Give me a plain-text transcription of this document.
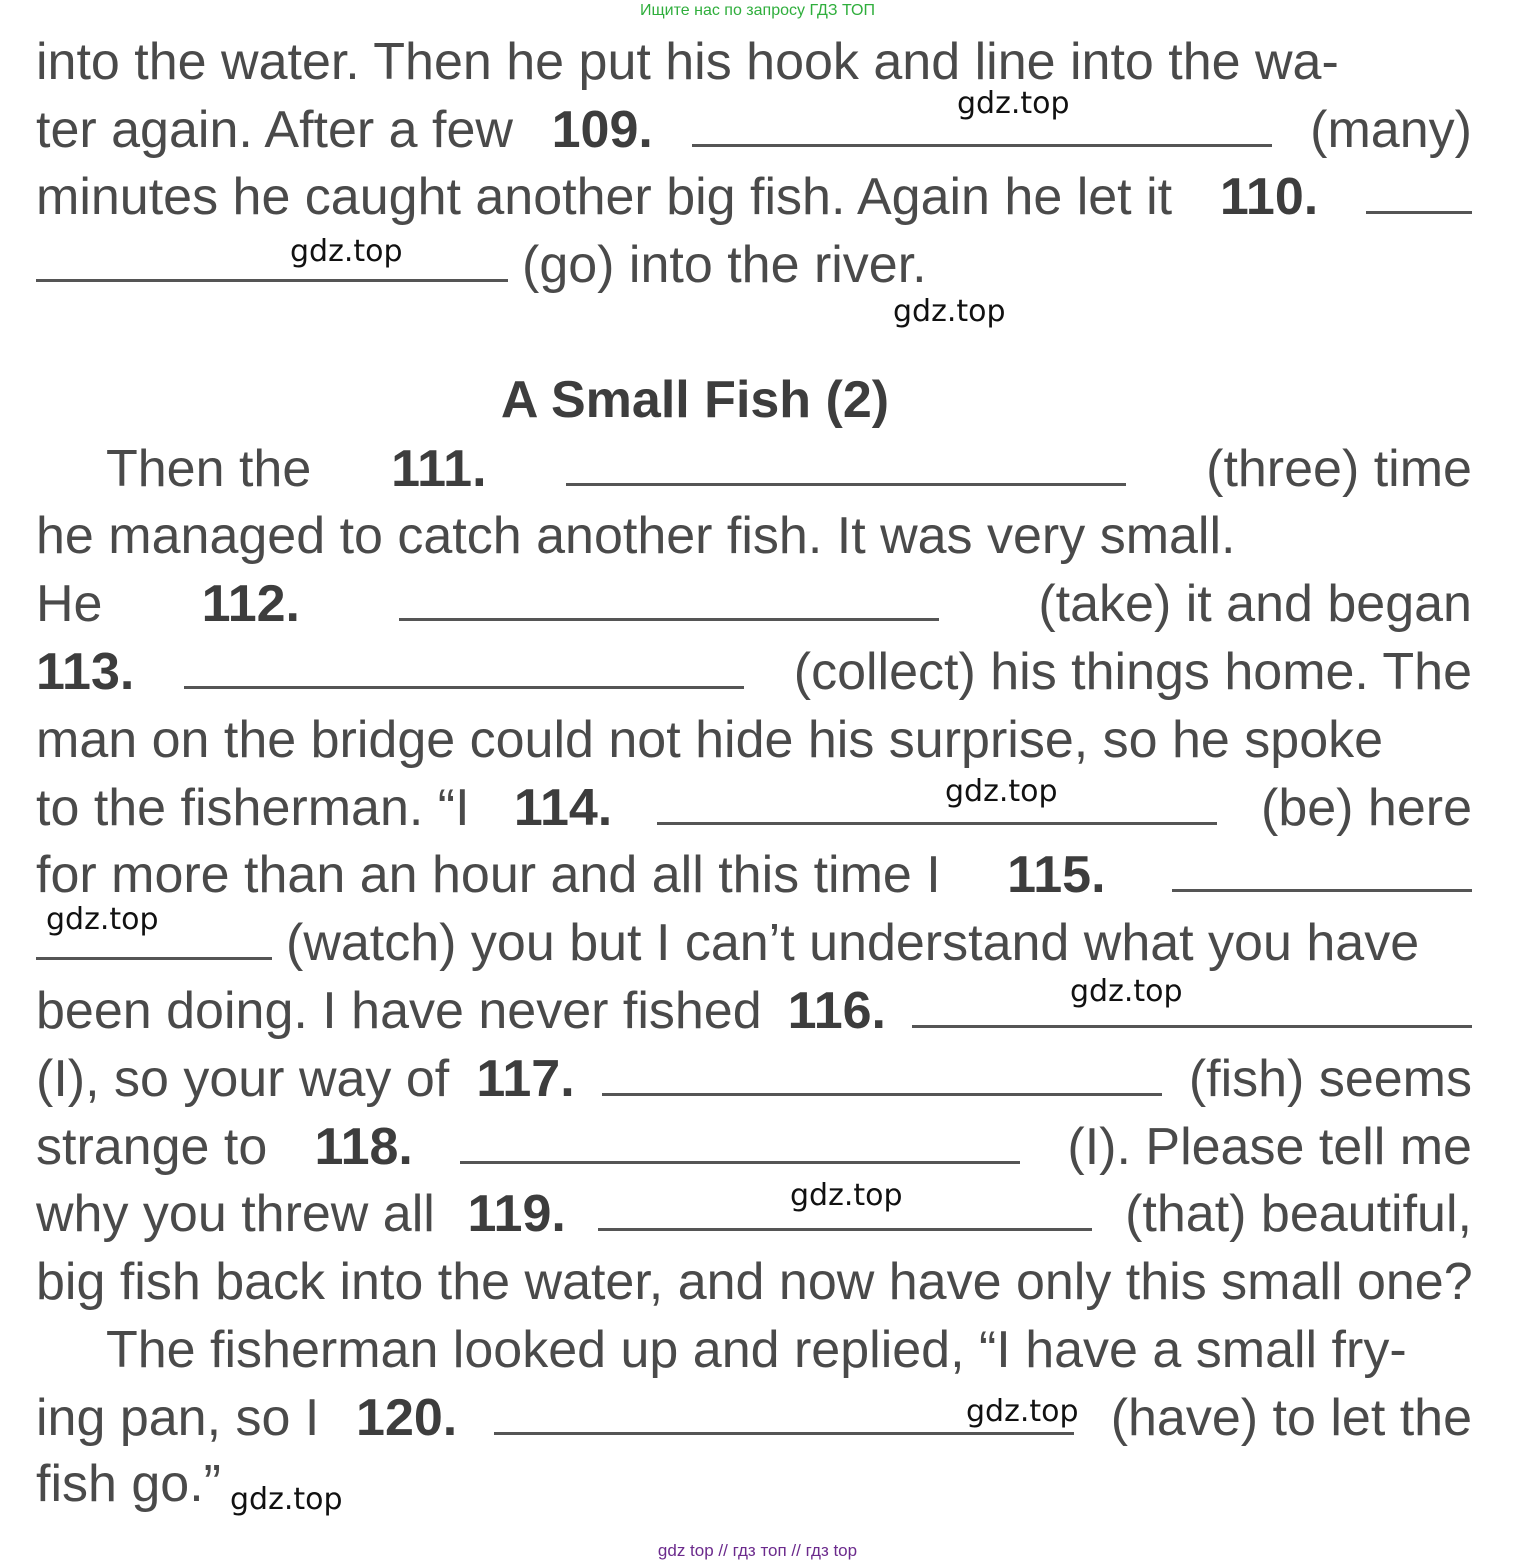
Ищите нас по запросу ГДЗ ТОП
into the water. Then he put his hook and line into the wa-
ter again. After a few 109.	(many)
minutes he caught another big fish. Again he let it 110.
(go) into the river.
A Small Fish (2)
Then the 111.	(three) time
he managed to catch another fish. It was very small.
He 112.	(take) it and began
113.	(collect) his things home. The
man on the bridge could not hide his surprise, so he spoke
to the fisherman. “I 114.	(be) here
for more than an hour and all this time I 115.
(watch) you but I can’t understand what you have
been doing. I have never fished 116.
(I), so your way of 117.	(fish) seems
strange to 118.	(I). Please tell me
why you threw all 119.	(that) beautiful,
big fish back into the water, and now have only this small one?
The fisherman looked up and replied, “I have a small fry-
ing pan, so I 120.	(have) to let the
fish go.”
gdz.top
gdz.top
gdz.top
gdz.top
gdz.top
gdz.top
gdz.top
gdz.top
gdz.top
gdz top // гдз топ // гдз top
